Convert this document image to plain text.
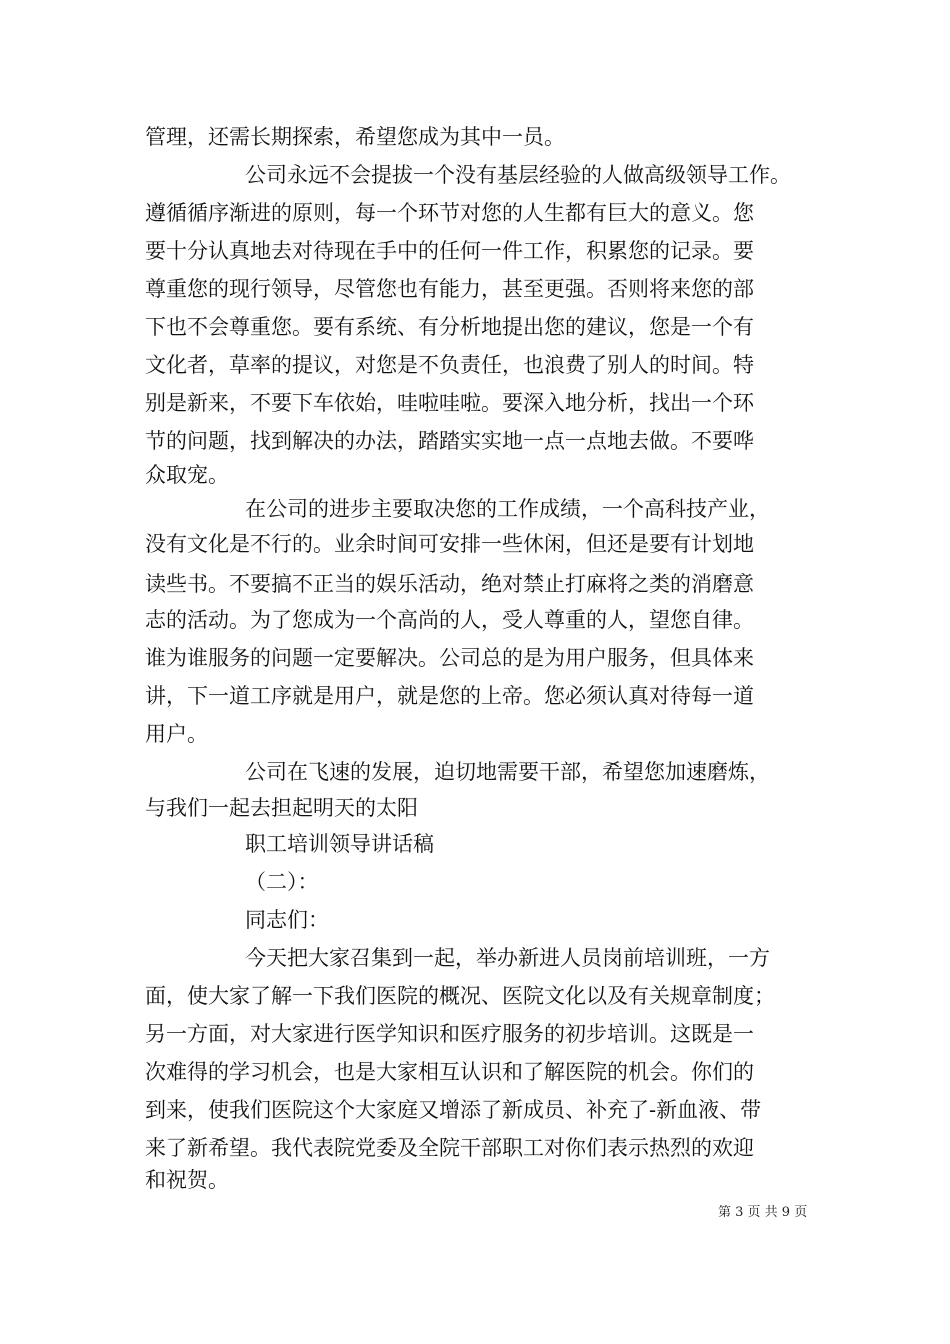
管理，还需长期探索，希望您成为其中一员。
公司永远不会提拔一个没有基层经验的人做高级领导工作。
遵循循序渐进的原则，每一个环节对您的人生都有巨大的意义。您
要十分认真地去对待现在手中的任何一件工作，积累您的记录。要
尊重您的现行领导，尽管您也有能力，甚至更强。否则将来您的部
下也不会尊重您。要有系统、有分析地提出您的建议，您是一个有
文化者，草率的提议，对您是不负责任，也浪费了别人的时间。特
别是新来，不要下车依始，哇啦哇啦。要深入地分析，找出一个环
节的问题，找到解决的办法，踏踏实实地一点一点地去做。不要哗
众取宠。
在公司的进步主要取决您的工作成绩，一个高科技产业，
没有文化是不行的。业余时间可安排一些休闲，但还是要有计划地
读些书。不要搞不正当的娱乐活动，绝对禁止打麻将之类的消磨意
志的活动。为了您成为一个高尚的人，受人尊重的人，望您自律。
谁为谁服务的问题一定要解决。公司总的是为用户服务，但具体来
讲，下一道工序就是用户，就是您的上帝。您必须认真对待每一道
用户。
公司在飞速的发展，迫切地需要干部，希望您加速磨炼，
与我们一起去担起明天的太阳
职工培训领导讲话稿
（二）：
同志们：
今天把大家召集到一起，举办新进人员岗前培训班，一方
面，使大家了解一下我们医院的概况、医院文化以及有关规章制度；
另一方面，对大家进行医学知识和医疗服务的初步培训。这既是一
次难得的学习机会，也是大家相互认识和了解医院的机会。你们的
到来，使我们医院这个大家庭又增添了新成员、补充了-新血液、带
来了新希望。我代表院党委及全院干部职工对你们表示热烈的欢迎
和祝贺。
第 3 页 共 9 页
